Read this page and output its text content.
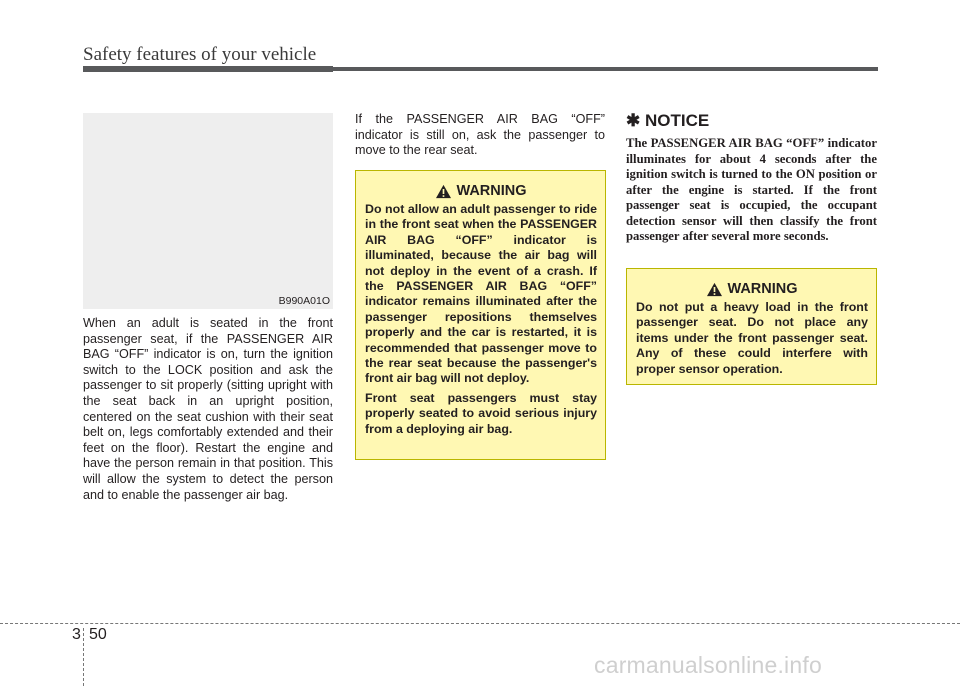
Safety features of your vehicle
B990A01O

When an adult is seated in the front passenger seat, if the PASSENGER AIR BAG “OFF” indicator is on, turn the ignition switch to the LOCK position and ask the passenger to sit properly (sitting upright with the seat back in an upright position, centered on the seat cushion with their seat belt on, legs comfortably extended and their feet on the floor). Restart the engine and have the person remain in that position. This will allow the system to detect the person and to enable the passenger air bag.

If the PASSENGER AIR BAG “OFF” indicator is still on, ask the passenger to move to the rear seat.

WARNING

Do not allow an adult passenger to ride in the front seat when the PASSENGER AIR BAG “OFF” indicator is illuminated, because the air bag will not deploy in the event of a crash. If the PASSENGER AIR BAG “OFF” indicator remains illuminated after the passenger repositions themselves properly and the car is restarted, it is recommended that passenger move to the rear seat because the passenger's front air bag will not deploy.

Front seat passengers must stay properly seated to avoid serious injury from a deploying air bag.

✱ NOTICE

The PASSENGER AIR BAG “OFF” indicator illuminates for about 4 seconds after the ignition switch is turned to the ON position or after the engine is started. If the front passenger seat is occupied, the occupant detection sensor will then classify the front passenger after several more seconds.

WARNING

Do not put a heavy load in the front passenger seat. Do not place any items under the front passenger seat. Any of these could interfere with proper sensor operation.

3 50
carmanualsonline.info
